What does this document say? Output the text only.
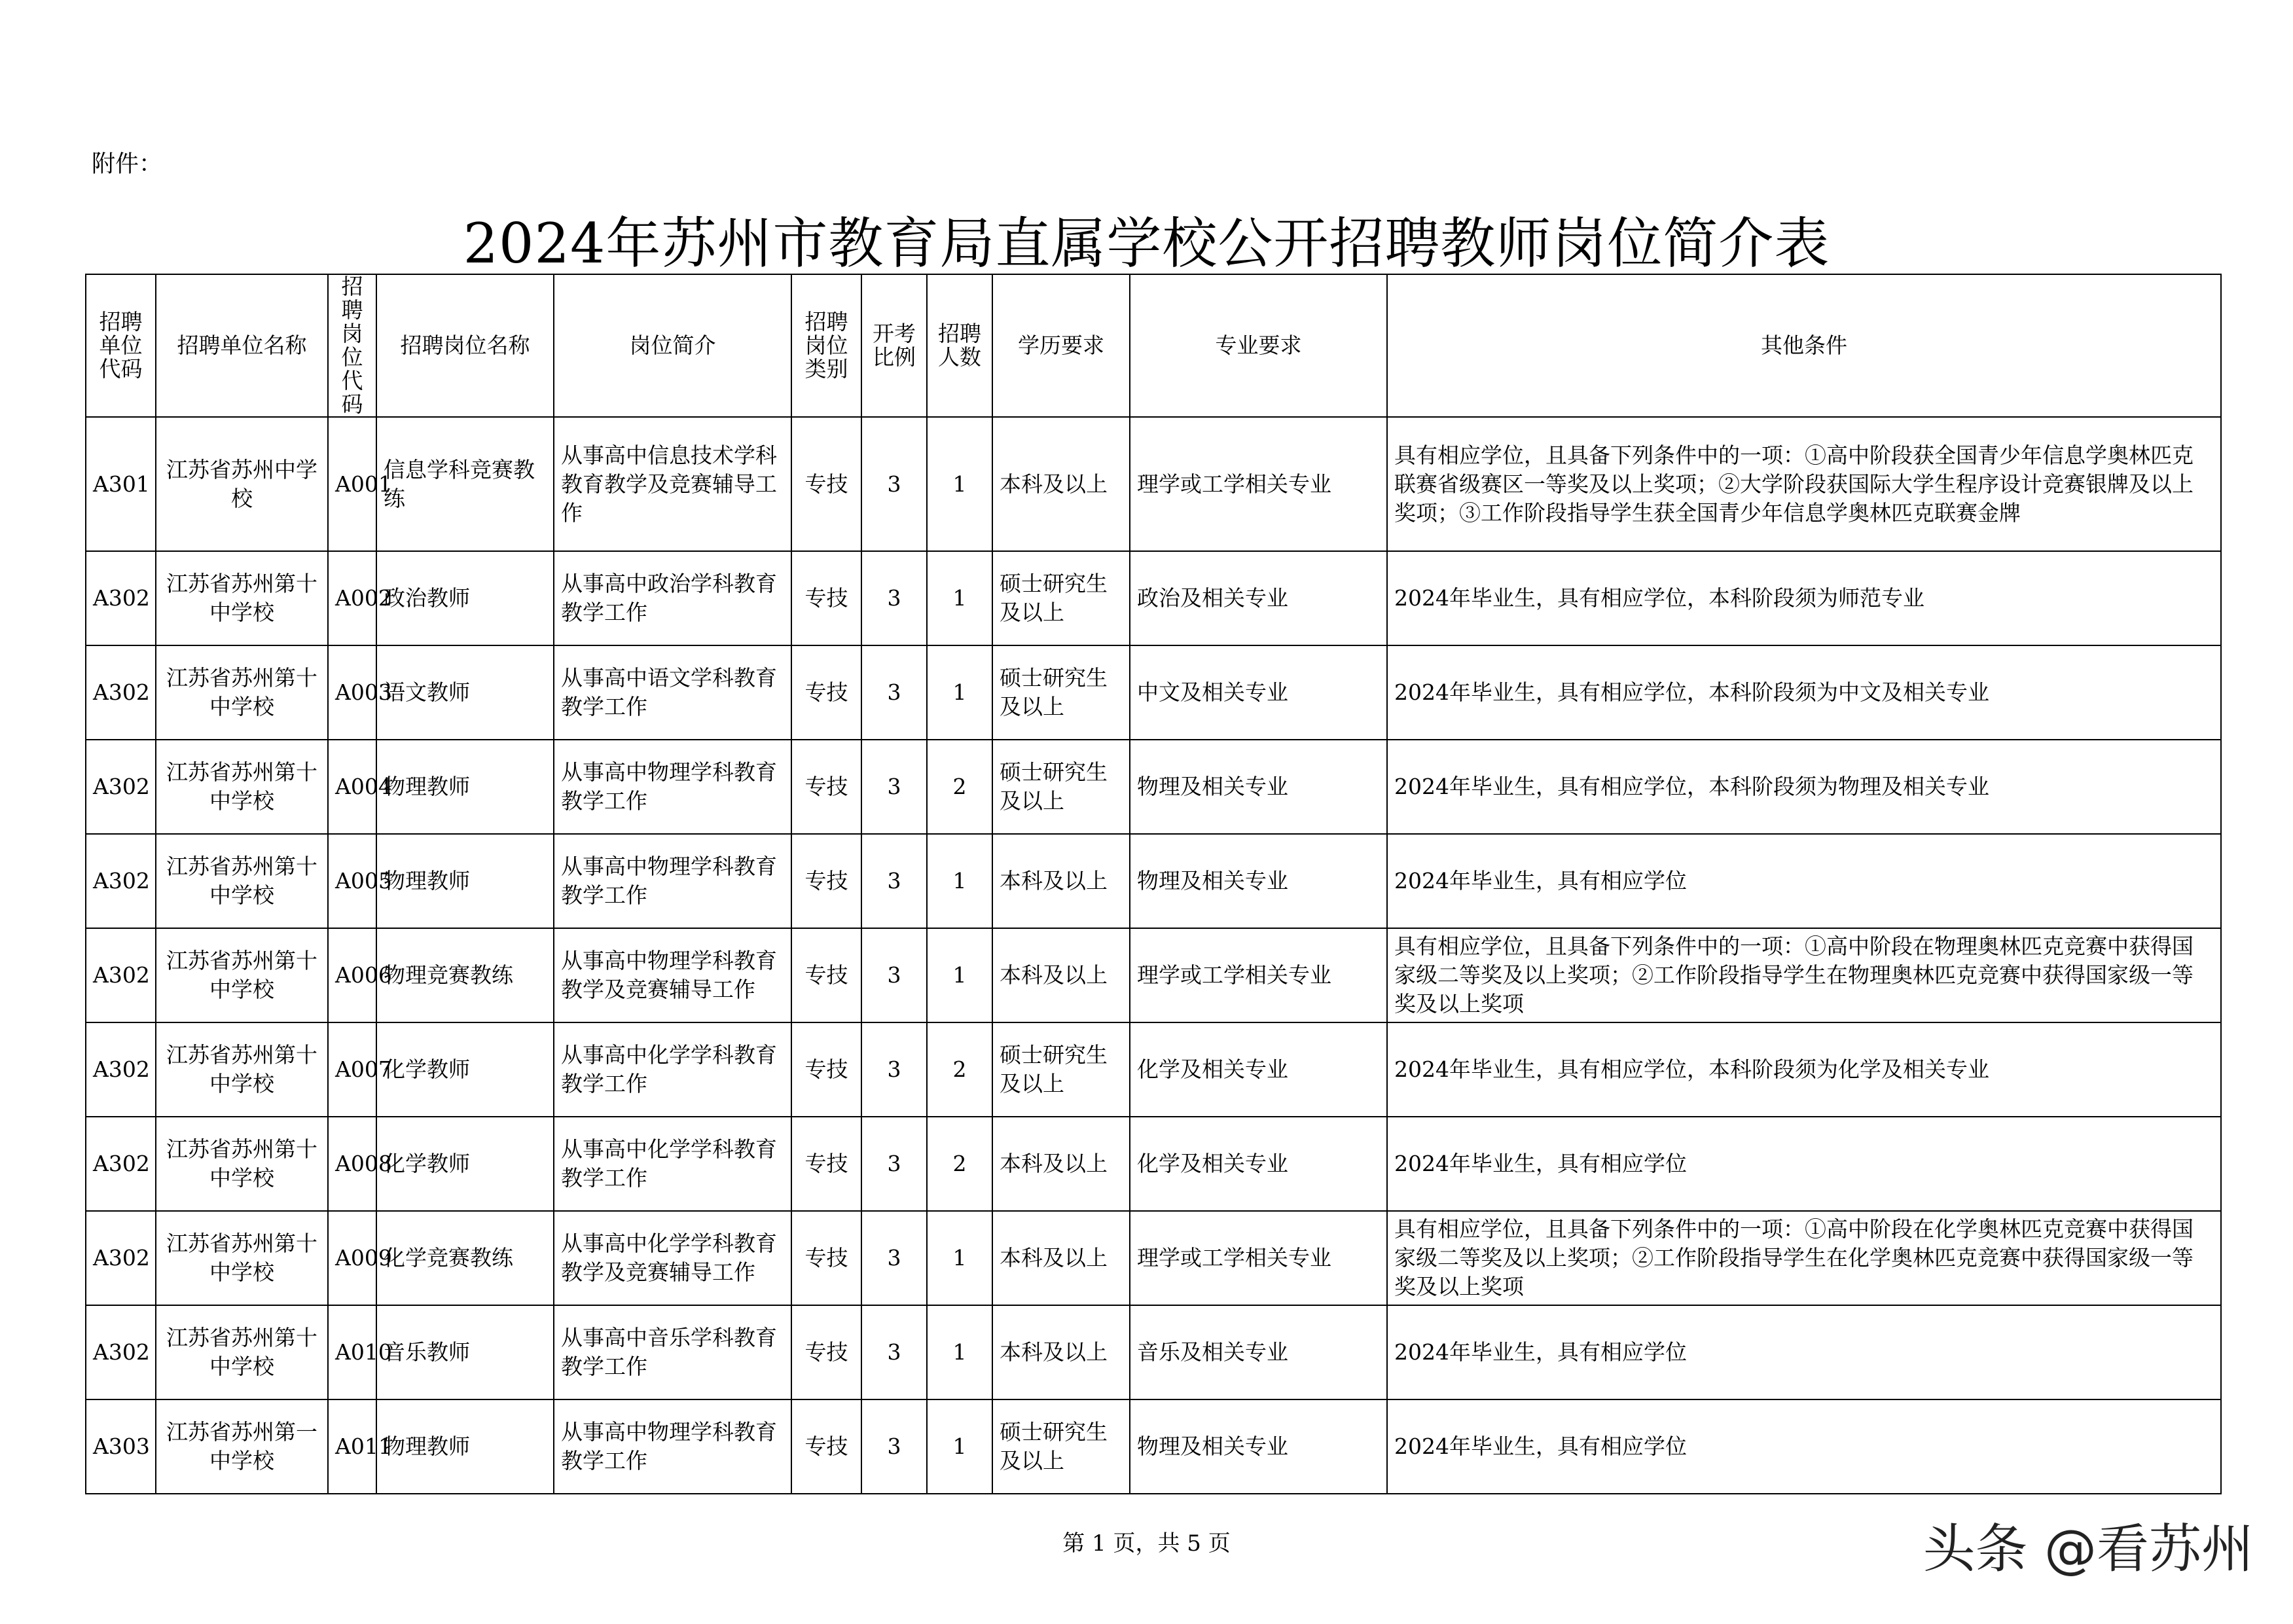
附件：
2024年苏州市教育局直属学校公开招聘教师岗位简介表
招聘单位代码	招聘单位名称	招聘岗位代码	招聘岗位名称	岗位简介	招聘岗位类别	开考比例	招聘人数	学历要求	专业要求	其他条件
A301	江苏省苏州中学校	A001	信息学科竞赛教练	从事高中信息技术学科教育教学及竞赛辅导工作	专技	3	1	本科及以上	理学或工学相关专业	具有相应学位，且具备下列条件中的一项：①高中阶段获全国青少年信息学奥林匹克联赛省级赛区一等奖及以上奖项；②大学阶段获国际大学生程序设计竞赛银牌及以上奖项；③工作阶段指导学生获全国青少年信息学奥林匹克联赛金牌
A302	江苏省苏州第十中学校	A002	政治教师	从事高中政治学科教育教学工作	专技	3	1	硕士研究生及以上	政治及相关专业	2024年毕业生，具有相应学位，本科阶段须为师范专业
A302	江苏省苏州第十中学校	A003	语文教师	从事高中语文学科教育教学工作	专技	3	1	硕士研究生及以上	中文及相关专业	2024年毕业生，具有相应学位，本科阶段须为中文及相关专业
A302	江苏省苏州第十中学校	A004	物理教师	从事高中物理学科教育教学工作	专技	3	2	硕士研究生及以上	物理及相关专业	2024年毕业生，具有相应学位，本科阶段须为物理及相关专业
A302	江苏省苏州第十中学校	A005	物理教师	从事高中物理学科教育教学工作	专技	3	1	本科及以上	物理及相关专业	2024年毕业生，具有相应学位
A302	江苏省苏州第十中学校	A006	物理竞赛教练	从事高中物理学科教育教学及竞赛辅导工作	专技	3	1	本科及以上	理学或工学相关专业	具有相应学位，且具备下列条件中的一项：①高中阶段在物理奥林匹克竞赛中获得国家级二等奖及以上奖项；②工作阶段指导学生在物理奥林匹克竞赛中获得国家级一等奖及以上奖项

A302	江苏省苏州第十中学校	A007	化学教师	从事高中化学学科教育教学工作	专技	3	2	硕士研究生及以上	化学及相关专业	2024年毕业生，具有相应学位，本科阶段须为化学及相关专业
A302	江苏省苏州第十中学校	A008	化学教师	从事高中化学学科教育教学工作	专技	3	2	本科及以上	化学及相关专业	2024年毕业生，具有相应学位
A302	江苏省苏州第十中学校	A009	化学竞赛教练	从事高中化学学科教育教学及竞赛辅导工作	专技	3	1	本科及以上	理学或工学相关专业	具有相应学位，且具备下列条件中的一项：①高中阶段在化学奥林匹克竞赛中获得国家级二等奖及以上奖项；②工作阶段指导学生在化学奥林匹克竞赛中获得国家级一等奖及以上奖项

A302	江苏省苏州第十中学校	A010	音乐教师	从事高中音乐学科教育教学工作	专技	3	1	本科及以上	音乐及相关专业	2024年毕业生，具有相应学位
A303	江苏省苏州第一中学校	A011	物理教师	从事高中物理学科教育教学工作	专技	3	1	硕士研究生及以上	物理及相关专业	2024年毕业生，具有相应学位
第 1 页，共 5 页	头条 @看苏州
